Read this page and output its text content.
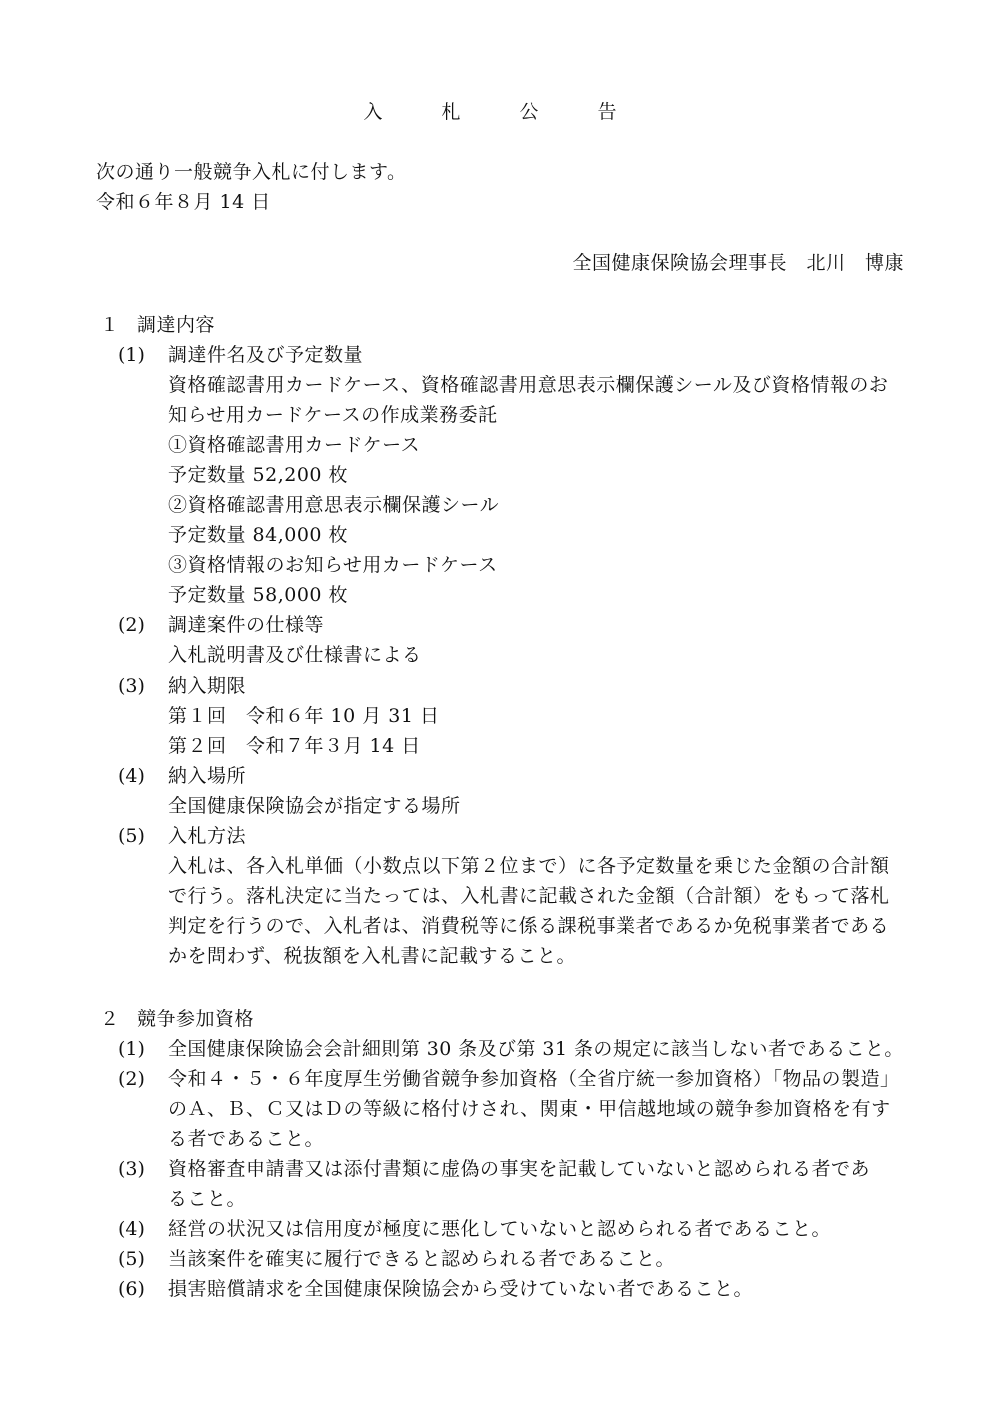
入　札　公　告
次の通り一般競争入札に付します。
令和６年８月 14 日
全国健康保険協会理事長　北川　博康
１ 調達内容
(1) 調達件名及び予定数量
資格確認書用カードケース、資格確認書用意思表示欄保護シール及び資格情報のお
知らせ用カードケースの作成業務委託
①資格確認書用カードケース
予定数量 52,200 枚
②資格確認書用意思表示欄保護シール
予定数量 84,000 枚
③資格情報のお知らせ用カードケース
予定数量 58,000 枚
(2) 調達案件の仕様等
入札説明書及び仕様書による
(3) 納入期限
第１回　令和６年 10 月 31 日
第２回　令和７年３月 14 日
(4) 納入場所
全国健康保険協会が指定する場所
(5) 入札方法
入札は、各入札単価（小数点以下第２位まで）に各予定数量を乗じた金額の合計額
で行う。落札決定に当たっては、入札書に記載された金額（合計額）をもって落札
判定を行うので、入札者は、消費税等に係る課税事業者であるか免税事業者である
かを問わず、税抜額を入札書に記載すること。
２ 競争参加資格
(1) 全国健康保険協会会計細則第 30 条及び第 31 条の規定に該当しない者であること。
(2) 令和４・５・６年度厚生労働省競争参加資格（全省庁統一参加資格）「物品の製造」
のＡ、Ｂ、Ｃ又はＤの等級に格付けされ、関東・甲信越地域の競争参加資格を有す
る者であること。
(3) 資格審査申請書又は添付書類に虚偽の事実を記載していないと認められる者であ
ること。
(4) 経営の状況又は信用度が極度に悪化していないと認められる者であること。
(5) 当該案件を確実に履行できると認められる者であること。
(6) 損害賠償請求を全国健康保険協会から受けていない者であること。
